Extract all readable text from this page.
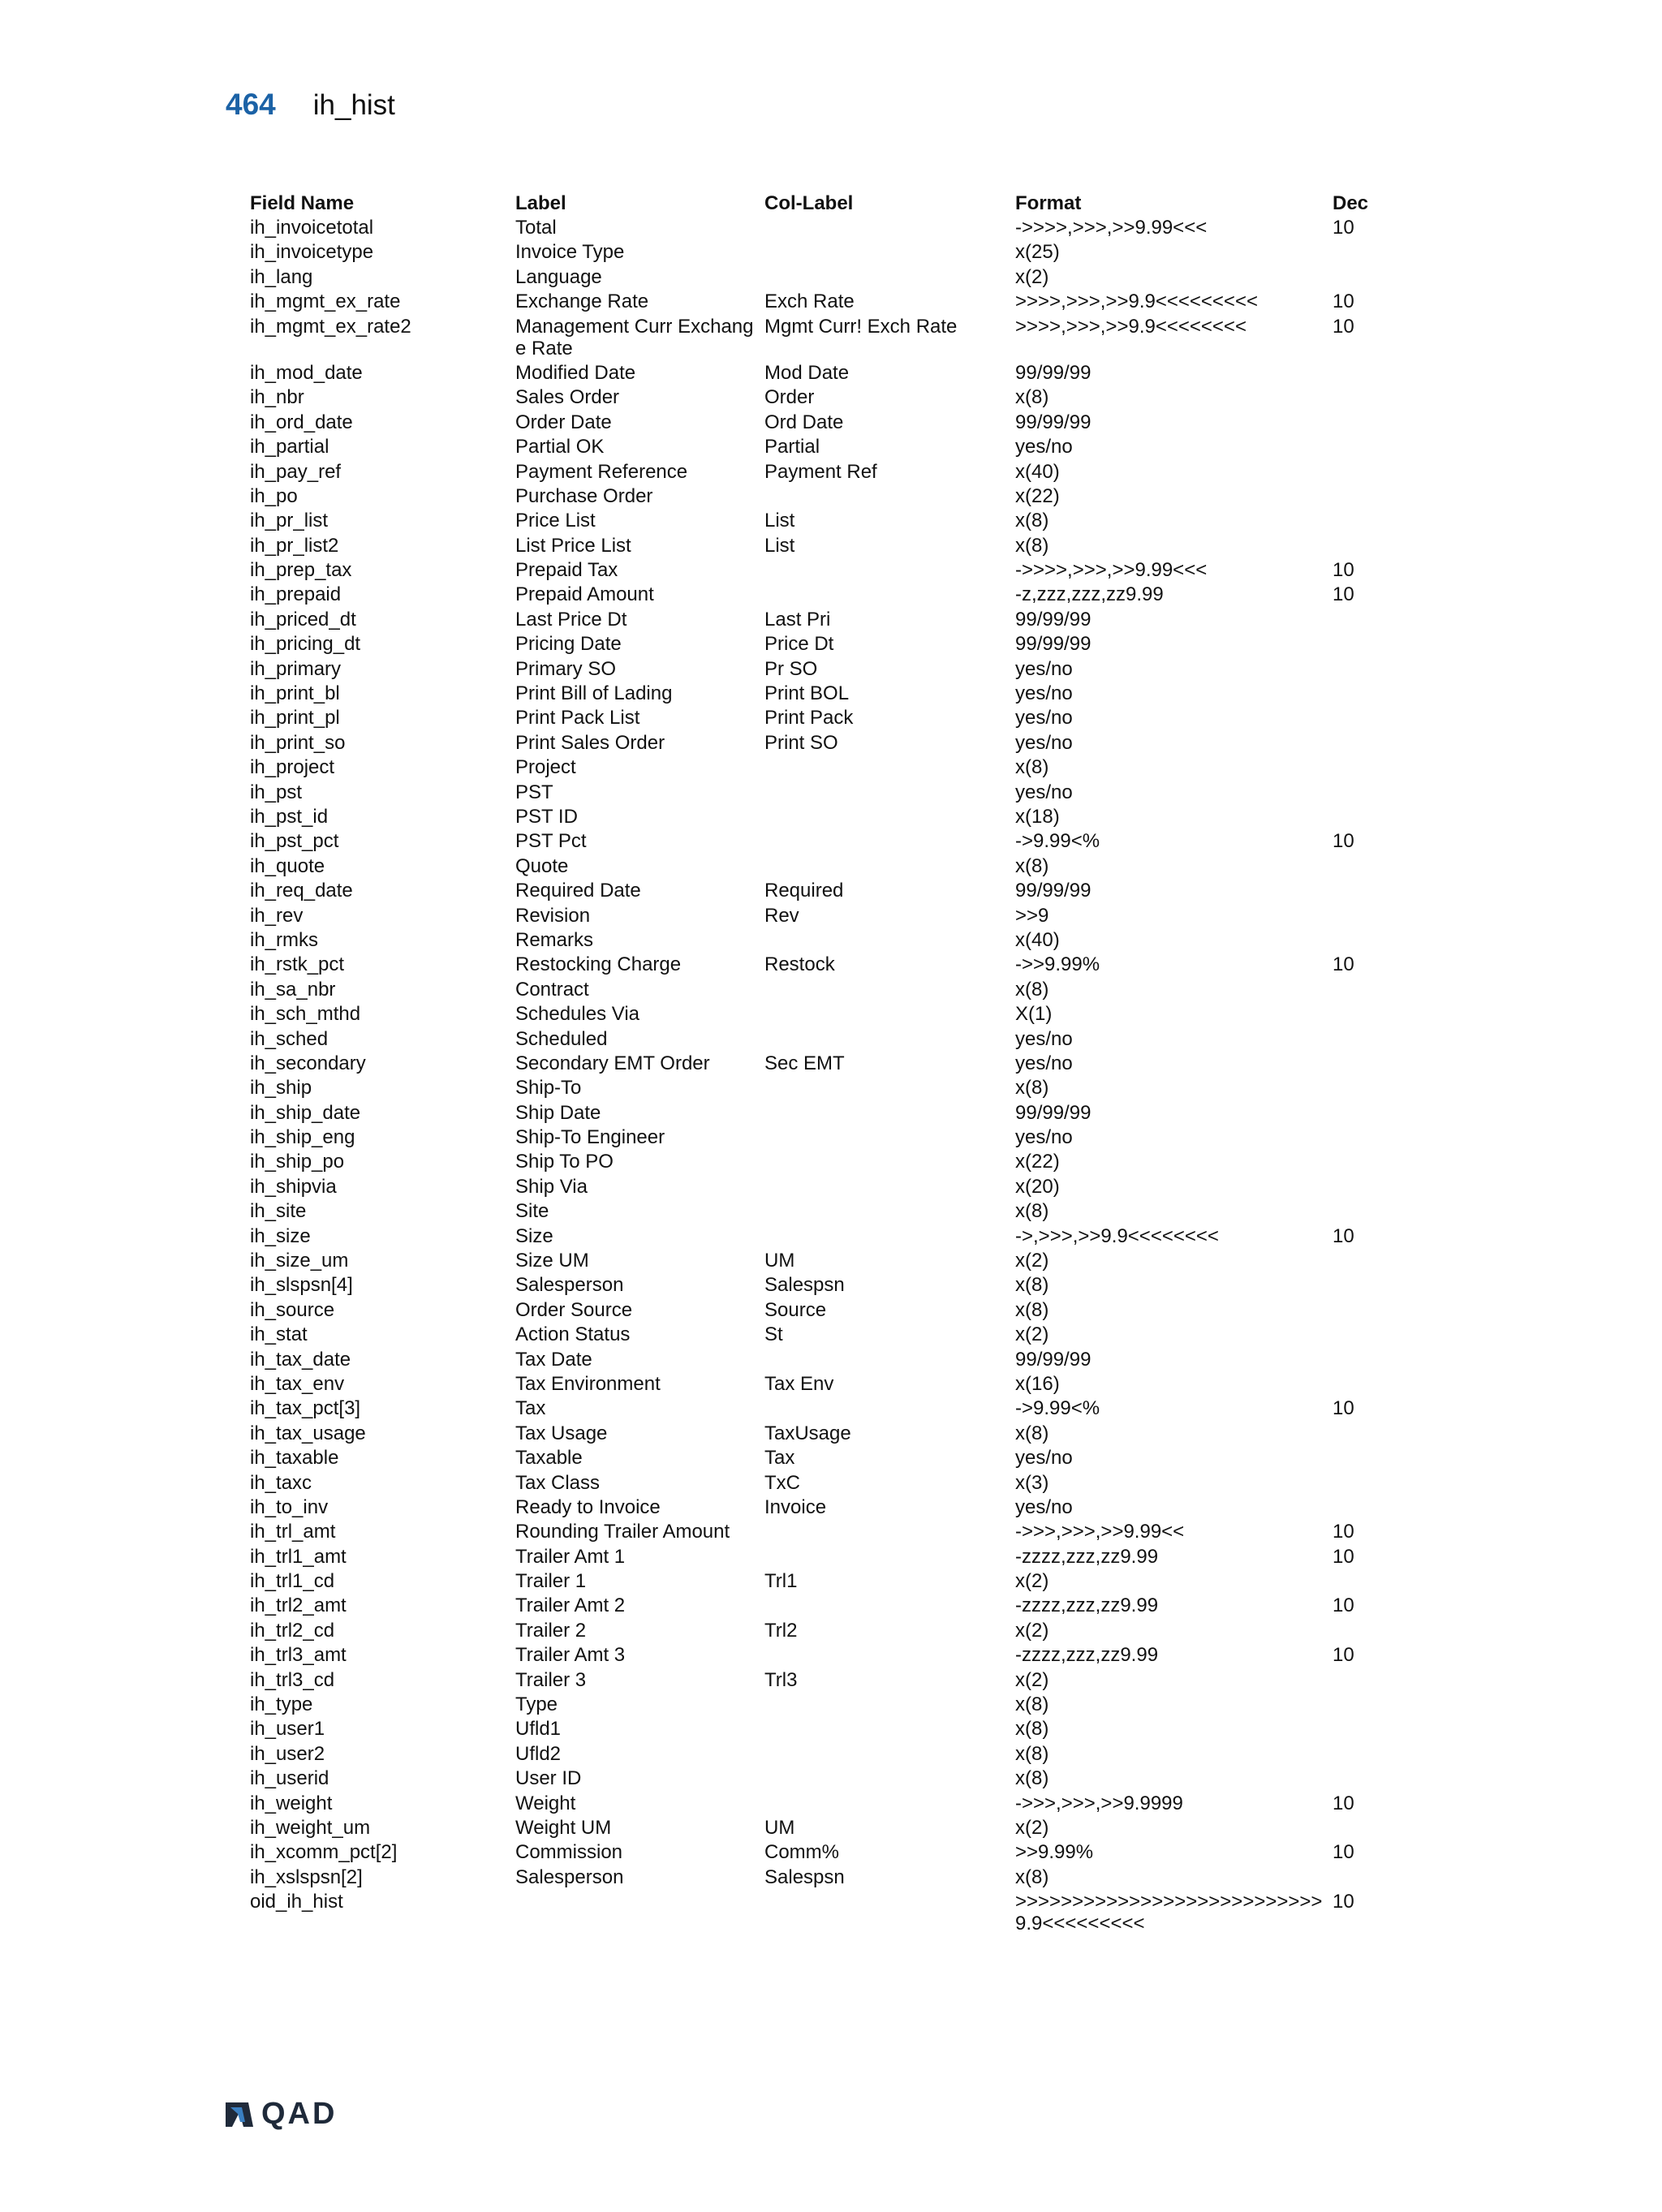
464 ih_hist
Field Name	Label	Col-Label	Format	Dec
ih_invoicetotal	Total		->>>>,>>>,>>9.99<<<	10
ih_invoicetype	Invoice Type		x(25)	
ih_lang	Language		x(2)	
ih_mgmt_ex_rate	Exchange Rate	Exch Rate	>>>>,>>>,>>9.9<<<<<<<<<	10
ih_mgmt_ex_rate2	Management Curr Exchange Rate	Mgmt Curr! Exch Rate	>>>>,>>>,>>9.9<<<<<<<<	10
ih_mod_date	Modified Date	Mod Date	99/99/99	
ih_nbr	Sales Order	Order	x(8)	
ih_ord_date	Order Date	Ord Date	99/99/99	
ih_partial	Partial OK	Partial	yes/no	
ih_pay_ref	Payment Reference	Payment Ref	x(40)	
ih_po	Purchase Order		x(22)	
ih_pr_list	Price List	List	x(8)	
ih_pr_list2	List Price List	List	x(8)	
ih_prep_tax	Prepaid Tax		->>>>,>>>,>>9.99<<<	10
ih_prepaid	Prepaid Amount		-z,zzz,zzz,zz9.99	10
ih_priced_dt	Last Price Dt	Last Pri	99/99/99	
ih_pricing_dt	Pricing Date	Price Dt	99/99/99	
ih_primary	Primary SO	Pr SO	yes/no	
ih_print_bl	Print Bill of Lading	Print BOL	yes/no	
ih_print_pl	Print Pack List	Print Pack	yes/no	
ih_print_so	Print Sales Order	Print SO	yes/no	
ih_project	Project		x(8)	
ih_pst	PST		yes/no	
ih_pst_id	PST ID		x(18)	
ih_pst_pct	PST Pct		->9.99<%	10
ih_quote	Quote		x(8)	
ih_req_date	Required Date	Required	99/99/99	
ih_rev	Revision	Rev	>>9	
ih_rmks	Remarks		x(40)	
ih_rstk_pct	Restocking Charge	Restock	->>9.99%	10
ih_sa_nbr	Contract		x(8)	
ih_sch_mthd	Schedules Via		X(1)	
ih_sched	Scheduled		yes/no	
ih_secondary	Secondary EMT Order	Sec EMT	yes/no	
ih_ship	Ship-To		x(8)	
ih_ship_date	Ship Date		99/99/99	
ih_ship_eng	Ship-To Engineer		yes/no	
ih_ship_po	Ship To PO		x(22)	
ih_shipvia	Ship Via		x(20)	
ih_site	Site		x(8)	
ih_size	Size		->,>>>,>>9.9<<<<<<<<	10
ih_size_um	Size UM	UM	x(2)	
ih_slspsn[4]	Salesperson	Salespsn	x(8)	
ih_source	Order Source	Source	x(8)	
ih_stat	Action Status	St	x(2)	
ih_tax_date	Tax Date		99/99/99	
ih_tax_env	Tax Environment	Tax Env	x(16)	
ih_tax_pct[3]	Tax		->9.99<%	10
ih_tax_usage	Tax Usage	TaxUsage	x(8)	
ih_taxable	Taxable	Tax	yes/no	
ih_taxc	Tax Class	TxC	x(3)	
ih_to_inv	Ready to Invoice	Invoice	yes/no	
ih_trl_amt	Rounding Trailer Amount		->>>,>>>,>>9.99<<	10
ih_trl1_amt	Trailer Amt 1		-zzzz,zzz,zz9.99	10
ih_trl1_cd	Trailer 1	Trl1	x(2)	
ih_trl2_amt	Trailer Amt 2		-zzzz,zzz,zz9.99	10
ih_trl2_cd	Trailer 2	Trl2	x(2)	
ih_trl3_amt	Trailer Amt 3		-zzzz,zzz,zz9.99	10
ih_trl3_cd	Trailer 3	Trl3	x(2)	
ih_type	Type		x(8)	
ih_user1	Ufld1		x(8)	
ih_user2	Ufld2		x(8)	
ih_userid	User ID		x(8)	
ih_weight	Weight		->>>,>>>,>>9.9999	10
ih_weight_um	Weight UM	UM	x(2)	
ih_xcomm_pct[2]	Commission	Comm%	>>9.99%	10
ih_xslspsn[2]	Salesperson	Salespsn	x(8)	
oid_ih_hist			>>>>>>>>>>>>>>>>>>>>>>>>>>>9.9<<<<<<<<<	10
QAD
